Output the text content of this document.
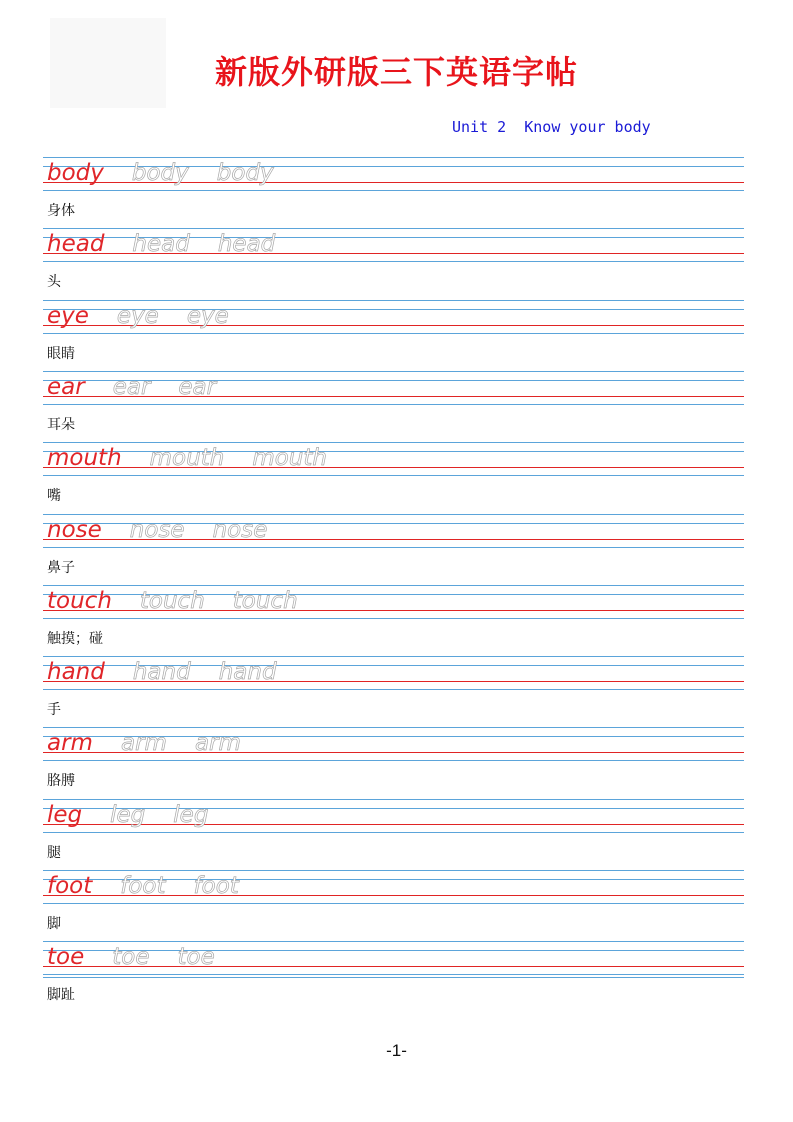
新版外研版三下英语字帖
Unit 2  Know your body
body body body
身体
head head head
头
eye eye eye
眼睛
ear ear ear
耳朵
mouth mouth mouth
嘴
nose nose nose
鼻子
touch touch touch
触摸；碰
hand hand hand
手
arm arm arm
胳膊
leg leg leg
腿
foot foot foot
脚
toe toe toe
脚趾
-1-
